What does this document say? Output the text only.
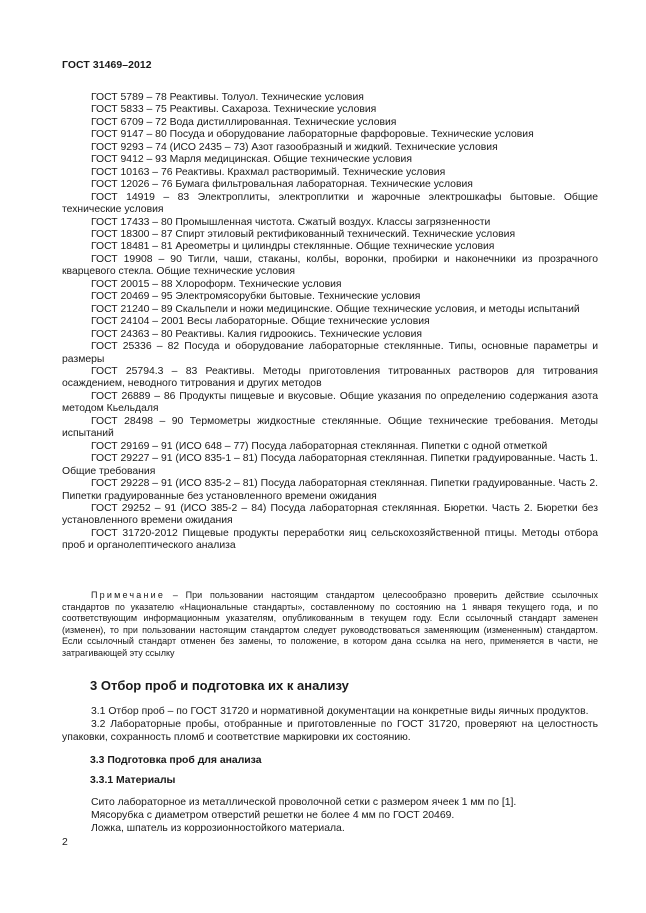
ГОСТ 31469–2012

ГОСТ 5789 – 78 Реактивы. Толуол. Технические условия

ГОСТ 5833 – 75 Реактивы. Сахароза. Технические условия

ГОСТ 6709 – 72 Вода дистиллированная. Технические условия

ГОСТ 9147 – 80 Посуда и оборудование лабораторные фарфоровые. Технические условия

ГОСТ 9293 – 74 (ИСО 2435 – 73) Азот газообразный и жидкий. Технические условия

ГОСТ 9412 – 93 Марля медицинская. Общие технические условия

ГОСТ 10163 – 76 Реактивы. Крахмал растворимый. Технические условия

ГОСТ 12026 – 76 Бумага фильтровальная лабораторная. Технические условия

ГОСТ 14919 – 83 Электроплиты, электроплитки и жарочные электрошкафы бытовые. Общие технические условия

ГОСТ 17433 – 80 Промышленная чистота. Сжатый воздух. Классы загрязненности

ГОСТ 18300 – 87 Спирт этиловый ректификованный технический. Технические условия

ГОСТ 18481 – 81 Ареометры и цилиндры стеклянные. Общие технические условия

ГОСТ 19908 – 90 Тигли, чаши, стаканы, колбы, воронки, пробирки и наконечники из прозрачного кварцевого стекла. Общие технические условия

ГОСТ 20015 – 88 Хлороформ. Технические условия

ГОСТ 20469 – 95 Электромясорубки бытовые. Технические условия

ГОСТ 21240 – 89 Скальпели и ножи медицинские. Общие технические условия, и методы испытаний

ГОСТ 24104 – 2001 Весы лабораторные. Общие технические условия

ГОСТ 24363 – 80 Реактивы. Калия гидроокись. Технические условия

ГОСТ 25336 – 82 Посуда и оборудование лабораторные стеклянные. Типы, основные параметры и размеры

ГОСТ 25794.3 – 83 Реактивы. Методы приготовления титрованных растворов для титрования осаждением, неводного титрования и других методов

ГОСТ 26889 – 86 Продукты пищевые и вкусовые. Общие указания по определению содержания азота методом Кьельдаля

ГОСТ 28498 – 90 Термометры жидкостные стеклянные. Общие технические требования. Методы испытаний

ГОСТ 29169 – 91 (ИСО 648 – 77) Посуда лабораторная стеклянная. Пипетки с одной отметкой

ГОСТ 29227 – 91 (ИСО 835-1 – 81) Посуда лабораторная стеклянная. Пипетки градуированные. Часть 1. Общие требования

ГОСТ 29228 – 91 (ИСО 835-2 – 81) Посуда лабораторная стеклянная. Пипетки градуированные. Часть 2. Пипетки градуированные без установленного времени ожидания

ГОСТ 29252 – 91 (ИСО 385-2 – 84) Посуда лабораторная стеклянная. Бюретки. Часть 2. Бюретки без установленного времени ожидания

ГОСТ 31720-2012 Пищевые продукты переработки яиц сельскохозяйственной птицы. Методы отбора проб и органолептического анализа

Примечание – При пользовании настоящим стандартом целесообразно проверить действие ссылочных стандартов по указателю «Национальные стандарты», составленному по состоянию на 1 января текущего года, и по соответствующим информационным указателям, опубликованным в текущем году. Если ссылочный стандарт заменен (изменен), то при пользовании настоящим стандартом следует руководствоваться заменяющим (измененным) стандартом. Если ссылочный стандарт отменен без замены, то положение, в котором дана ссылка на него, применяется в части, не затрагивающей эту ссылку

3 Отбор проб и подготовка их к анализу

3.1 Отбор проб – по ГОСТ 31720 и нормативной документации на конкретные виды яичных продуктов.

3.2 Лабораторные пробы, отобранные и приготовленные по ГОСТ 31720, проверяют на целостность упаковки, сохранность пломб и соответствие маркировки их состоянию.

3.3 Подготовка проб для анализа

3.3.1 Материалы

Сито лабораторное из металлической проволочной сетки с размером ячеек 1 мм по [1].

Мясорубка с диаметром отверстий решетки не более 4 мм по ГОСТ 20469.

Ложка, шпатель из коррозионностойкого материала.

2
